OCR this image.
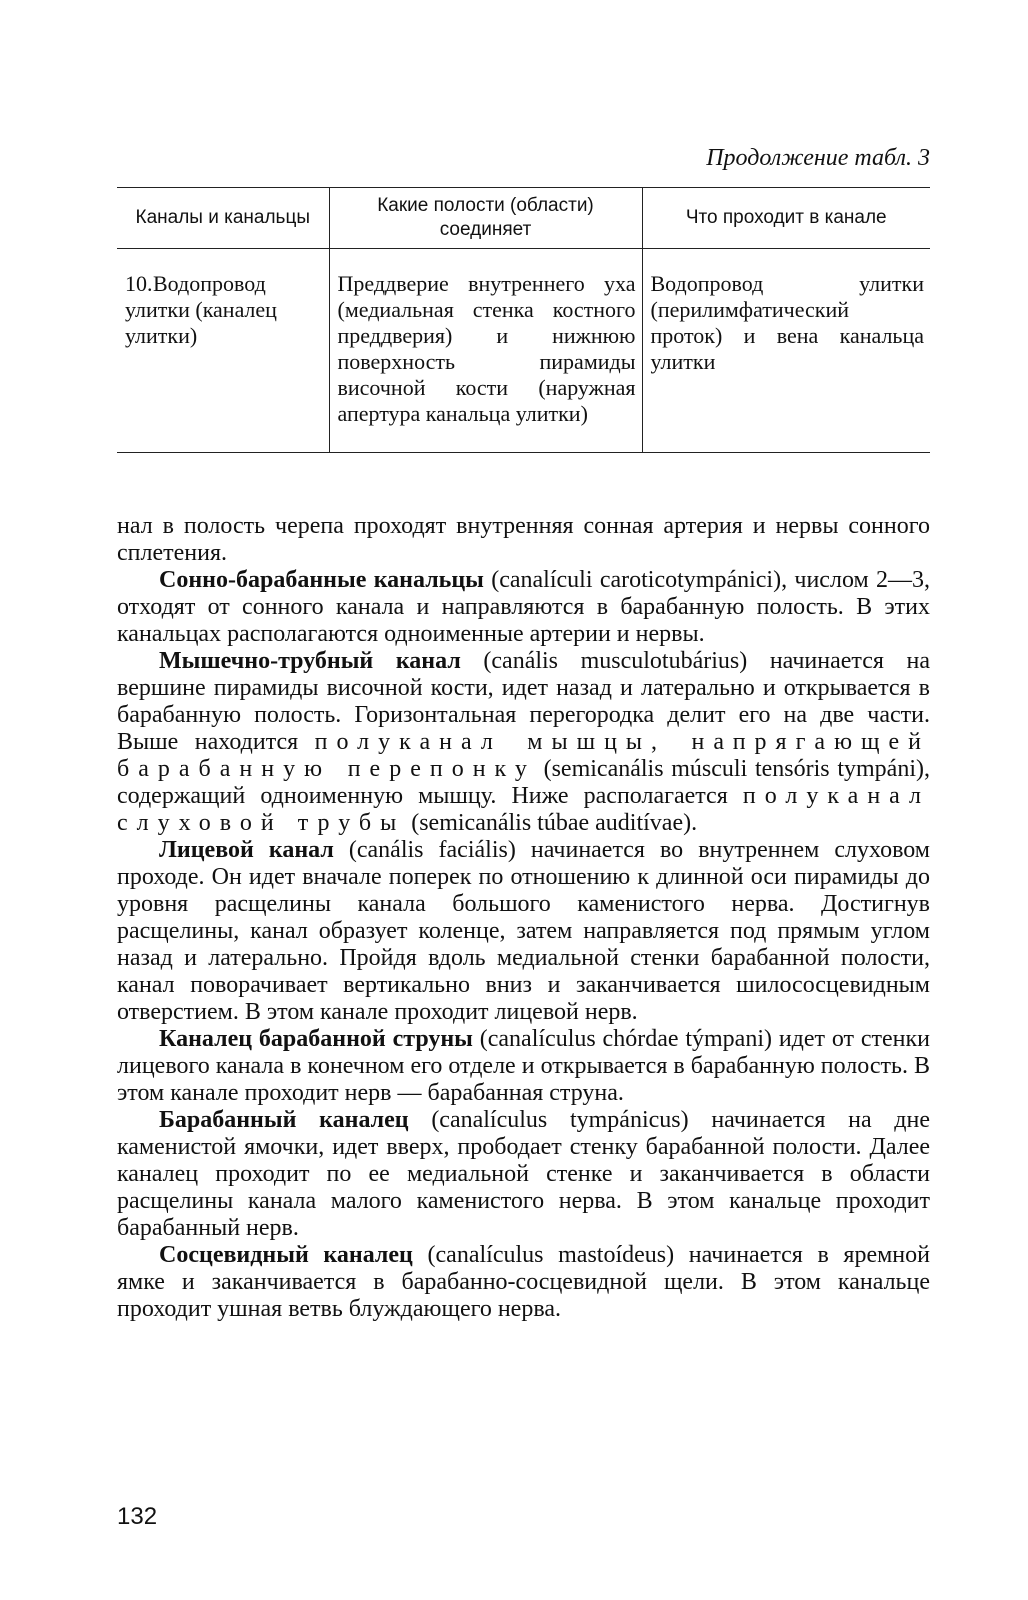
Продолжение табл. 3
Каналы и канальцы	Какие полости (области) соединяет	Что проходит в канале
10.Водопровод улитки (канaлец улитки)	Преддверие внутреннего уха (медиальная стенка костного преддверия) и нижнюю поверхность пирамиды височной кости (наружная апертура канальца улитки)	Водопровод улитки (перилимфатический проток) и вена канальца улитки

нал в полость черепа проходят внутренняя сонная артерия и нервы сонного сплетения.

Сонно-барабанные канальцы (canalículi caroticotympánici), числом 2—3, отходят от сонного канала и направляются в барабанную полость. В этих канальцах располагаются одноименные артерии и нервы.

Мышечно-трубный канал (canális musculotubárius) начинается на вершине пирамиды височной кости, идет назад и латерально и открывается в барабанную полость. Горизонтальная перегородка делит его на две части. Выше находится полуканал мышцы, напрягающей барабанную перепонку (semicanális músculi tensóris tympáni), содержащий одноименную мышцу. Ниже располагается полуканал слуховой трубы (semicanális túbae auditívae).

Лицевой канал (canális faciális) начинается во внутреннем слуховом проходе. Он идет вначале поперек по отношению к длинной оси пирамиды до уровня расщелины канала большого каменистого нерва. Достигнув расщелины, канал образует коленце, затем направляется под прямым углом назад и латерально. Пройдя вдоль медиальной стенки барабанной полости, канал поворачивает вертикально вниз и заканчивается шилососцевидным отверстием. В этом канале проходит лицевой нерв.

Каналец барабанной струны (canalículus chórdae týmpani) идет от стенки лицевого канала в конечном его отделе и открывается в барабанную полость. В этом канале проходит нерв — барабанная струна.

Барабанный каналец (canalículus tympánicus) начинается на дне каменистой ямочки, идет вверх, прободает стенку барабанной полости. Далее каналец проходит по ее медиальной стенке и заканчивается в области расщелины канала малого каменистого нерва. В этом канальце проходит барабанный нерв.

Сосцевидный каналец (canalículus mastoídeus) начинается в яремной ямке и заканчивается в барабанно-сосцевидной щели. В этом канальце проходит ушная ветвь блуждающего нерва.

132
